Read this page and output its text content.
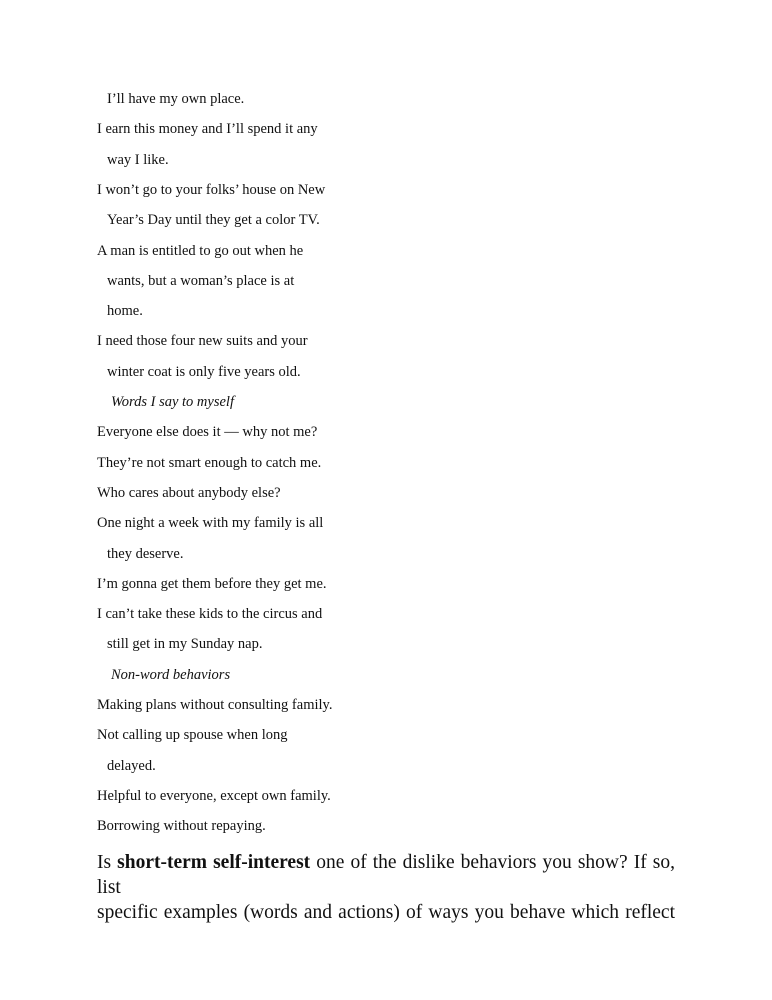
I’ll have my own place.
I earn this money and I’ll spend it any
way I like.
I won’t go to your folks’ house on New
Year’s Day until they get a color TV.
A man is entitled to go out when he
wants, but a woman’s place is at
home.
I need those four new suits and your
winter coat is only five years old.
Words I say to myself
Everyone else does it — why not me?
They’re not smart enough to catch me.
Who cares about anybody else?
One night a week with my family is all
they deserve.
I’m gonna get them before they get me.
I can’t take these kids to the circus and
still get in my Sunday nap.
Non-word behaviors
Making plans without consulting family.
Not calling up spouse when long
delayed.
Helpful to everyone, except own family.
Borrowing without repaying.
Is short-term self-interest one of the dislike behaviors you show? If so, list
specific examples (words and actions) of ways you behave which reflect
